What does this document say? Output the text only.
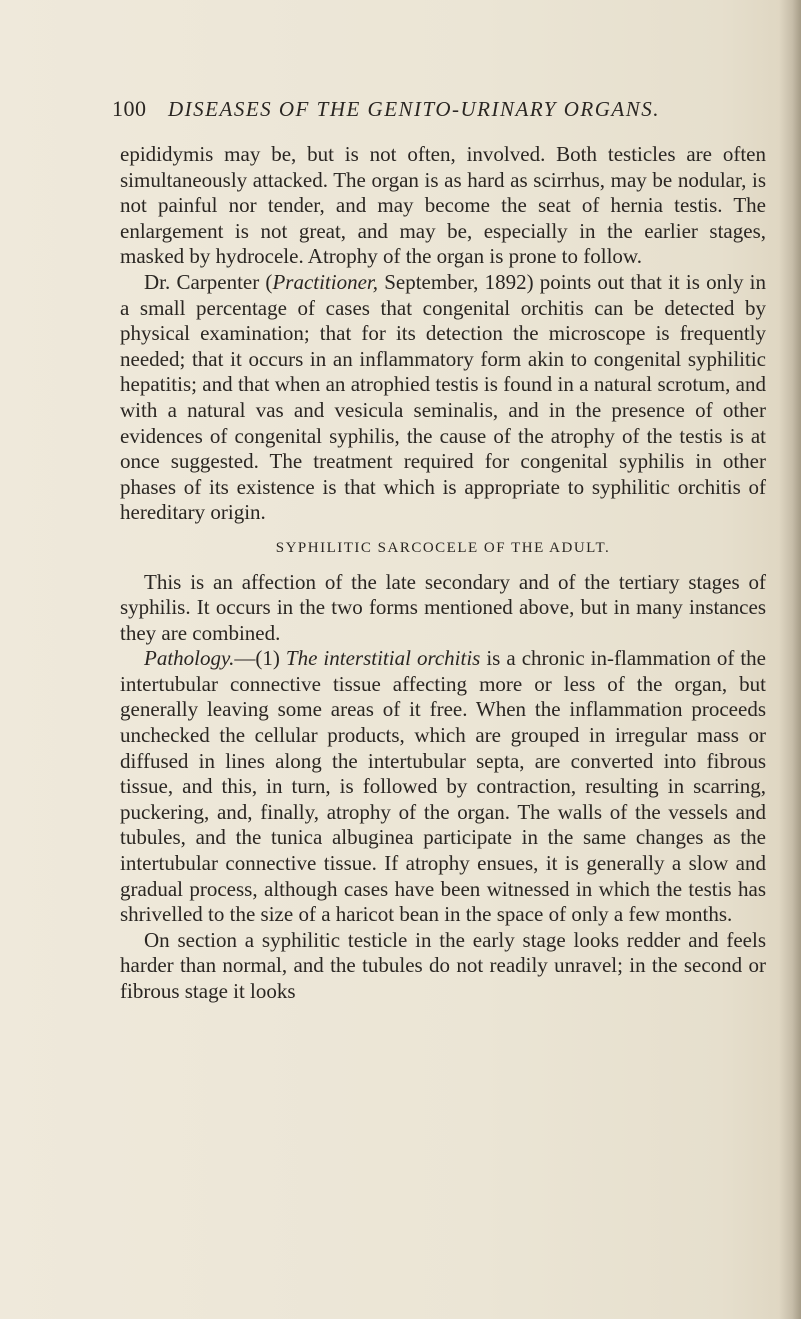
100 DISEASES OF THE GENITO-URINARY ORGANS.

epididymis may be, but is not often, involved. Both testicles are often simultaneously attacked. The organ is as hard as scirrhus, may be nodular, is not painful nor tender, and may become the seat of hernia testis. The enlargement is not great, and may be, especially in the earlier stages, masked by hydrocele. Atrophy of the organ is prone to follow.

Dr. Carpenter (Practitioner, September, 1892) points out that it is only in a small percentage of cases that congenital orchitis can be detected by physical examination; that for its detection the microscope is frequently needed; that it occurs in an inflammatory form akin to congenital syphilitic hepatitis; and that when an atrophied testis is found in a natural scrotum, and with a natural vas and vesicula seminalis, and in the presence of other evidences of congenital syphilis, the cause of the atrophy of the testis is at once suggested. The treatment required for congenital syphilis in other phases of its existence is that which is appropriate to syphilitic orchitis of hereditary origin.

SYPHILITIC SARCOCELE OF THE ADULT.

This is an affection of the late secondary and of the tertiary stages of syphilis. It occurs in the two forms mentioned above, but in many instances they are combined.

Pathology.—(1) The interstitial orchitis is a chronic in-flammation of the intertubular connective tissue affecting more or less of the organ, but generally leaving some areas of it free. When the inflammation proceeds unchecked the cellular products, which are grouped in irregular mass or diffused in lines along the intertubular septa, are converted into fibrous tissue, and this, in turn, is followed by contraction, resulting in scarring, puckering, and, finally, atrophy of the organ. The walls of the vessels and tubules, and the tunica albuginea participate in the same changes as the intertubular connective tissue. If atrophy ensues, it is generally a slow and gradual process, although cases have been witnessed in which the testis has shrivelled to the size of a haricot bean in the space of only a few months.

On section a syphilitic testicle in the early stage looks redder and feels harder than normal, and the tubules do not readily unravel; in the second or fibrous stage it looks
